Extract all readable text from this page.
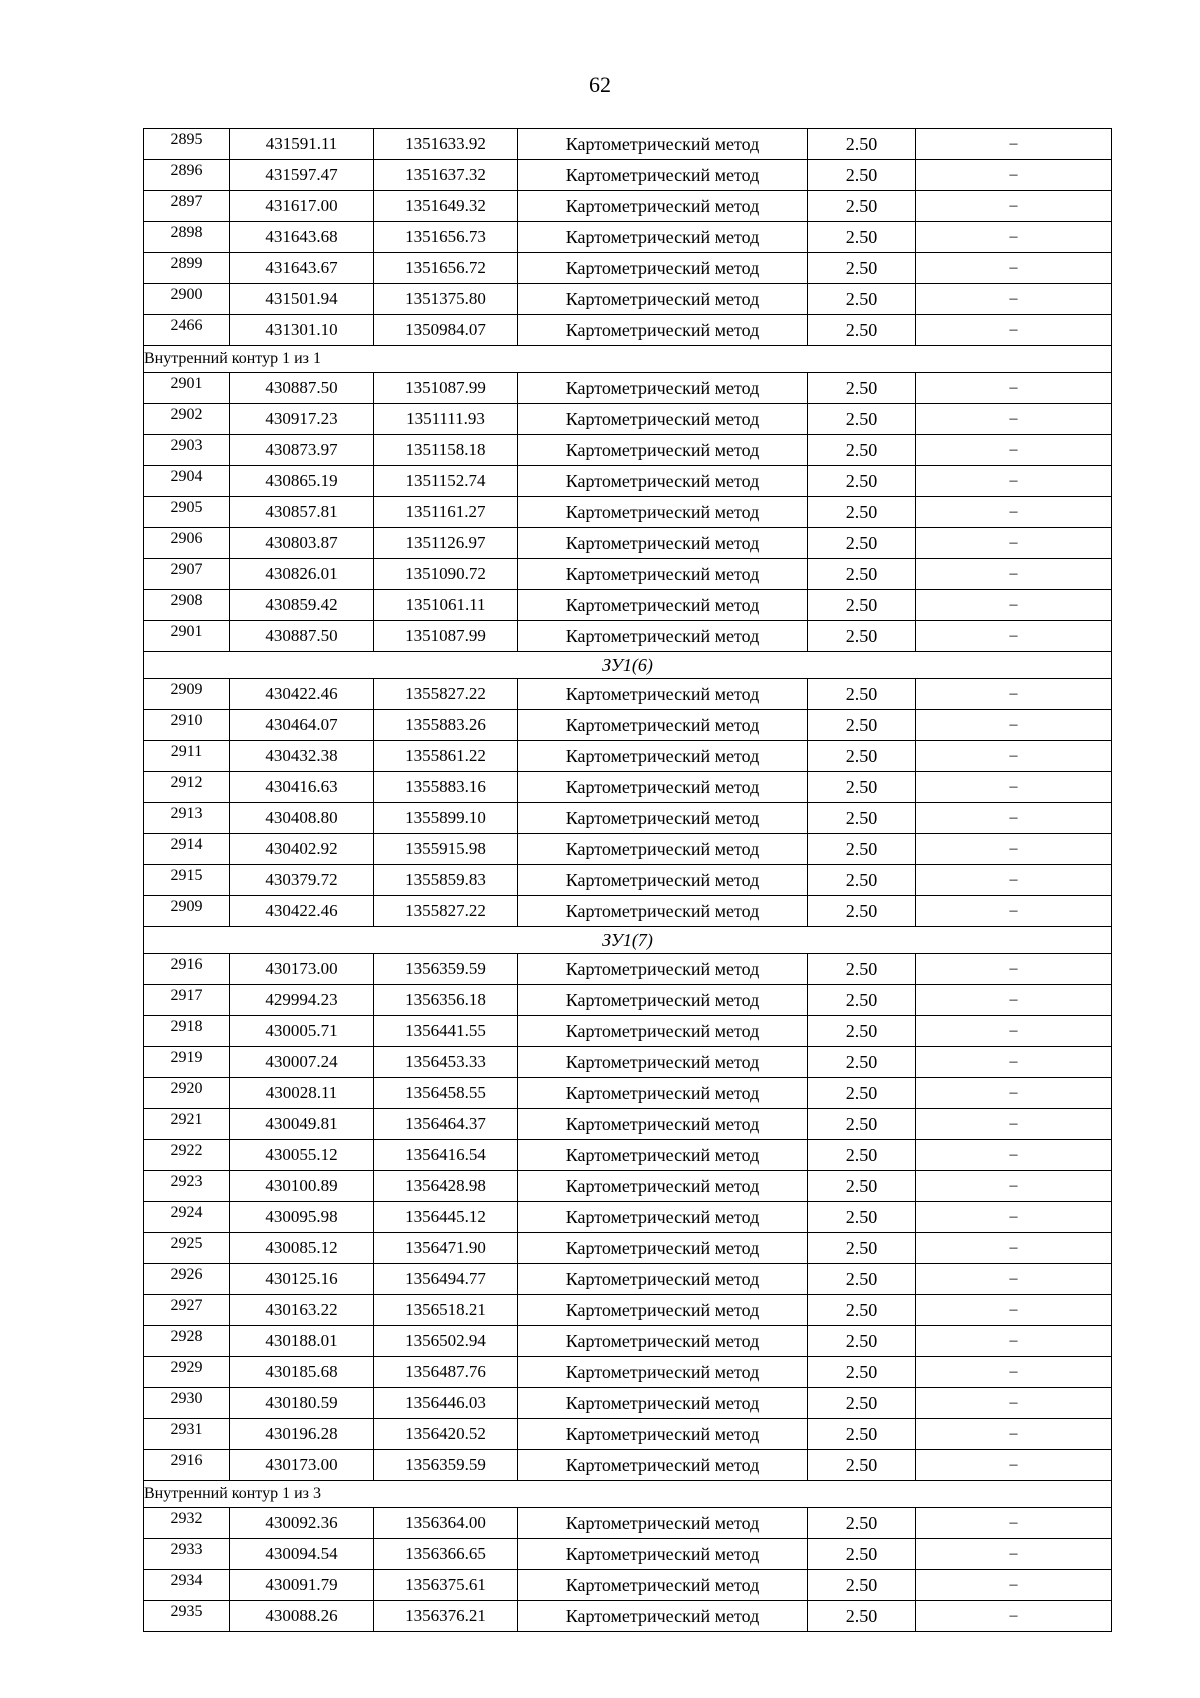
62
2895	431591.11	1351633.92	Картометрический метод	2.50	–
2896	431597.47	1351637.32	Картометрический метод	2.50	–
2897	431617.00	1351649.32	Картометрический метод	2.50	–
2898	431643.68	1351656.73	Картометрический метод	2.50	–
2899	431643.67	1351656.72	Картометрический метод	2.50	–
2900	431501.94	1351375.80	Картометрический метод	2.50	–
2466	431301.10	1350984.07	Картометрический метод	2.50	–
Внутренний контур 1 из 1					
2901	430887.50	1351087.99	Картометрический метод	2.50	–
2902	430917.23	1351111.93	Картометрический метод	2.50	–
2903	430873.97	1351158.18	Картометрический метод	2.50	–
2904	430865.19	1351152.74	Картометрический метод	2.50	–
2905	430857.81	1351161.27	Картометрический метод	2.50	–
2906	430803.87	1351126.97	Картометрический метод	2.50	–
2907	430826.01	1351090.72	Картометрический метод	2.50	–
2908	430859.42	1351061.11	Картометрический метод	2.50	–
2901	430887.50	1351087.99	Картометрический метод	2.50	–
ЗУ1(6)					
2909	430422.46	1355827.22	Картометрический метод	2.50	–
2910	430464.07	1355883.26	Картометрический метод	2.50	–
2911	430432.38	1355861.22	Картометрический метод	2.50	–
2912	430416.63	1355883.16	Картометрический метод	2.50	–
2913	430408.80	1355899.10	Картометрический метод	2.50	–
2914	430402.92	1355915.98	Картометрический метод	2.50	–
2915	430379.72	1355859.83	Картометрический метод	2.50	–
2909	430422.46	1355827.22	Картометрический метод	2.50	–
ЗУ1(7)					
2916	430173.00	1356359.59	Картометрический метод	2.50	–
2917	429994.23	1356356.18	Картометрический метод	2.50	–
2918	430005.71	1356441.55	Картометрический метод	2.50	–
2919	430007.24	1356453.33	Картометрический метод	2.50	–
2920	430028.11	1356458.55	Картометрический метод	2.50	–
2921	430049.81	1356464.37	Картометрический метод	2.50	–
2922	430055.12	1356416.54	Картометрический метод	2.50	–
2923	430100.89	1356428.98	Картометрический метод	2.50	–
2924	430095.98	1356445.12	Картометрический метод	2.50	–
2925	430085.12	1356471.90	Картометрический метод	2.50	–
2926	430125.16	1356494.77	Картометрический метод	2.50	–
2927	430163.22	1356518.21	Картометрический метод	2.50	–
2928	430188.01	1356502.94	Картометрический метод	2.50	–
2929	430185.68	1356487.76	Картометрический метод	2.50	–
2930	430180.59	1356446.03	Картометрический метод	2.50	–
2931	430196.28	1356420.52	Картометрический метод	2.50	–
2916	430173.00	1356359.59	Картометрический метод	2.50	–
Внутренний контур 1 из 3					
2932	430092.36	1356364.00	Картометрический метод	2.50	–
2933	430094.54	1356366.65	Картометрический метод	2.50	–
2934	430091.79	1356375.61	Картометрический метод	2.50	–
2935	430088.26	1356376.21	Картометрический метод	2.50	–
